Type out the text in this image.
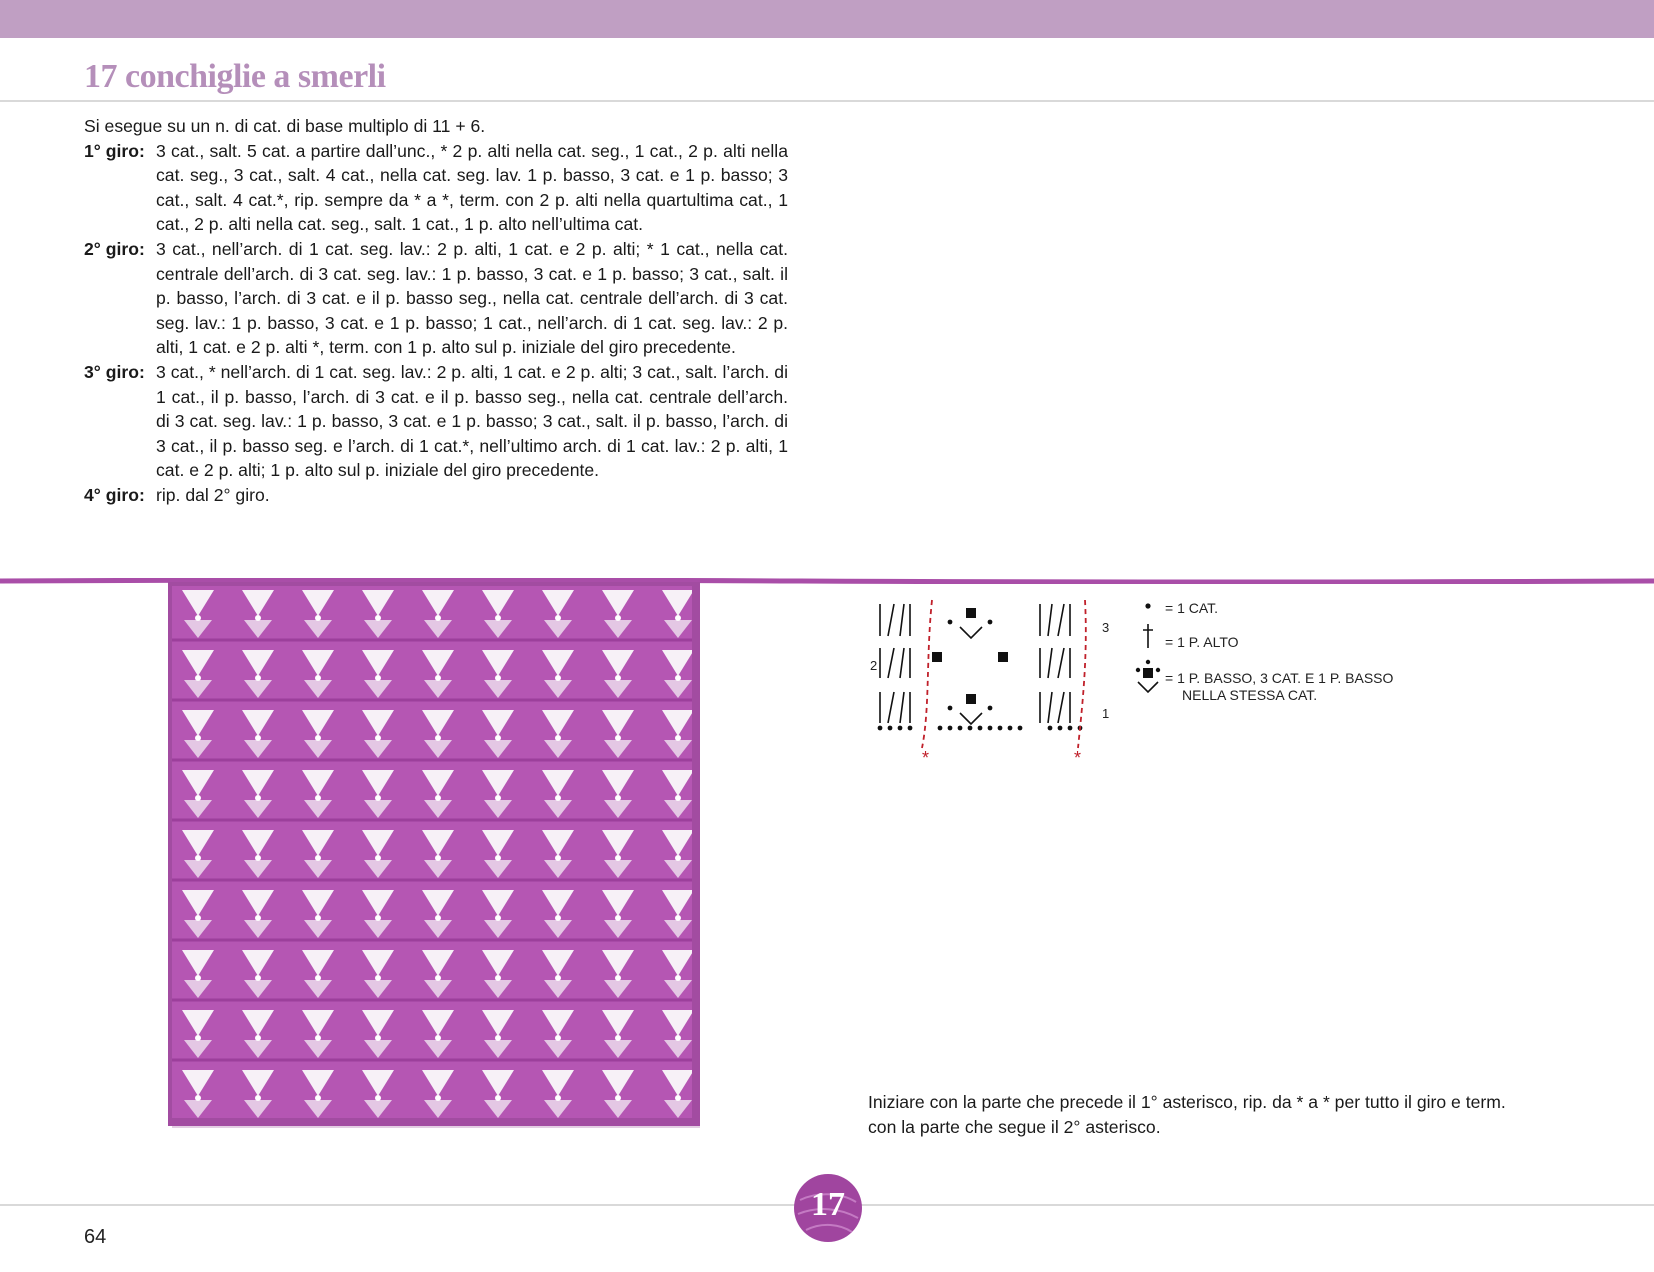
17 conchiglie a smerli

Si esegue su un n. di cat. di base multiplo di 11 + 6.

1° giro: 3 cat., salt. 5 cat. a partire dall’unc., * 2 p. alti nella cat. seg., 1 cat., 2 p. alti nella cat. seg., 3 cat., salt. 4 cat., nella cat. seg. lav. 1 p. basso, 3 cat. e 1 p. basso; 3 cat., salt. 4 cat.*, rip. sempre da * a *, term. con 2 p. alti nella quartultima cat., 1 cat., 2 p. alti nella cat. seg., salt. 1 cat., 1 p. alto nell’ultima cat.
2° giro: 3 cat., nell’arch. di 1 cat. seg. lav.: 2 p. alti, 1 cat. e 2 p. alti; * 1 cat., nella cat. centrale dell’arch. di 3 cat. seg. lav.: 1 p. basso, 3 cat. e 1 p. basso; 3 cat., salt. il p. basso, l’arch. di 3 cat. e il p. basso seg., nella cat. centrale dell’arch. di 3 cat. seg. lav.: 1 p. basso, 3 cat. e 1 p. basso; 1 cat., nell’arch. di 1 cat. seg. lav.: 2 p. alti, 1 cat. e 2 p. alti *, term. con 1 p. alto sul p. iniziale del giro precedente.
3° giro: 3 cat., * nell’arch. di 1 cat. seg. lav.: 2 p. alti, 1 cat. e 2 p. alti; 3 cat., salt. l’arch. di 1 cat., il p. basso, l’arch. di 3 cat. e il p. basso seg., nella cat. centrale dell’arch. di 3 cat. seg. lav.: 1 p. basso, 3 cat. e 1 p. basso; 3 cat., salt. il p. basso, l’arch. di 3 cat., il p. basso seg. e l’arch. di 1 cat.*, nell’ultimo arch. di 1 cat. lav.: 2 p. alti, 1 cat. e 2 p. alti; 1 p. alto sul p. iniziale del giro precedente.
4° giro: rip. dal 2° giro.
*	*
1
2
3
= 1 CAT.
= 1 P. ALTO
= 1 P. BASSO, 3 CAT. E 1 P. BASSO
NELLA STESSA CAT.
Iniziare con la parte che precede il 1° asterisco, rip. da * a * per tutto il giro e term.
con la parte che segue il 2° asterisco.
17
64
